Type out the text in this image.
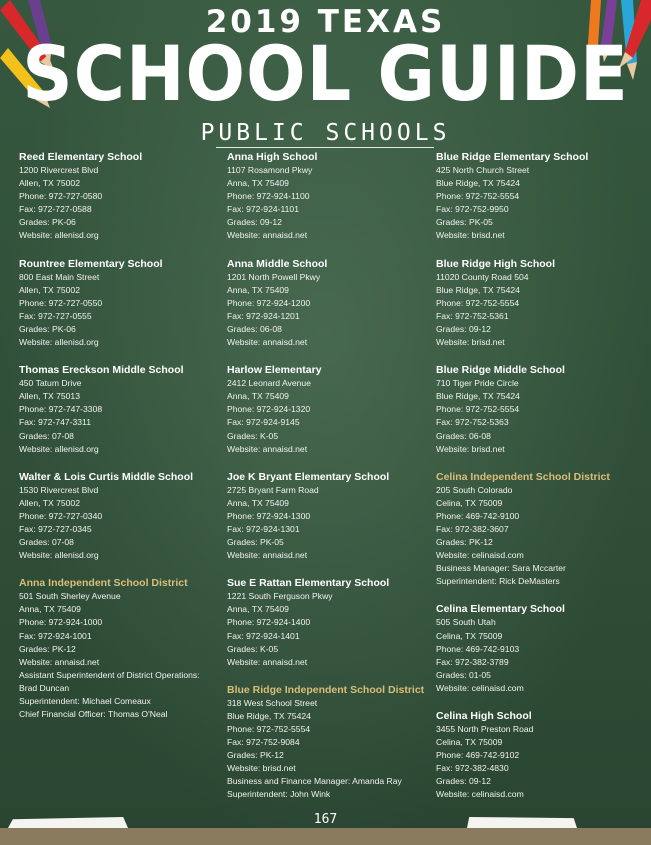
2019 TEXAS
SCHOOL GUIDE
PUBLIC SCHOOLS
Reed Elementary School
1200 Rivercrest Blvd
Allen, TX 75002
Phone: 972-727-0580
Fax: 972-727-0588
Grades: PK-06
Website: allenisd.org
Rountree Elementary School
800 East Main Street
Allen, TX 75002
Phone: 972-727-0550
Fax: 972-727-0555
Grades: PK-06
Website: allenisd.org
Thomas Ereckson Middle School
450 Tatum Drive
Allen, TX 75013
Phone: 972-747-3308
Fax: 972-747-3311
Grades: 07-08
Website: allenisd.org
Walter & Lois Curtis Middle School
1530 Rivercrest Blvd
Allen, TX 75002
Phone: 972-727-0340
Fax: 972-727-0345
Grades: 07-08
Website: allenisd.org
Anna Independent School District
501 South Sherley Avenue
Anna, TX 75409
Phone: 972-924-1000
Fax: 972-924-1001
Grades: PK-12
Website: annaisd.net
Assistant Superintendent of District Operations:
Brad Duncan
Superintendent: Michael Comeaux
Chief Financial Officer: Thomas O'Neal
Anna High School
1107 Rosamond Pkwy
Anna, TX 75409
Phone: 972-924-1100
Fax: 972-924-1101
Grades: 09-12
Website: annaisd.net
Anna Middle School
1201 North Powell Pkwy
Anna, TX 75409
Phone: 972-924-1200
Fax: 972-924-1201
Grades: 06-08
Website: annaisd.net
Harlow Elementary
2412 Leonard Avenue
Anna, TX 75409
Phone: 972-924-1320
Fax: 972-924-9145
Grades: K-05
Website: annaisd.net
Joe K Bryant Elementary School
2725 Bryant Farm Road
Anna, TX 75409
Phone: 972-924-1300
Fax: 972-924-1301
Grades: PK-05
Website: annaisd.net
Sue E Rattan Elementary School
1221 South Ferguson Pkwy
Anna, TX 75409
Phone: 972-924-1400
Fax: 972-924-1401
Grades: K-05
Website: annaisd.net
Blue Ridge Independent School District
318 West School Street
Blue Ridge, TX 75424
Phone: 972-752-5554
Fax: 972-752-9084
Grades: PK-12
Website: brisd.net
Business and Finance Manager: Amanda Ray
Superintendent: John Wink
Blue Ridge Elementary School
425 North Church Street
Blue Ridge, TX 75424
Phone: 972-752-5554
Fax: 972-752-9950
Grades: PK-05
Website: brisd.net
Blue Ridge High School
11020 County Road 504
Blue Ridge, TX 75424
Phone: 972-752-5554
Fax: 972-752-5361
Grades: 09-12
Website: brisd.net
Blue Ridge Middle School
710 Tiger Pride Circle
Blue Ridge, TX 75424
Phone: 972-752-5554
Fax: 972-752-5363
Grades: 06-08
Website: brisd.net
Celina Independent School District
205 South Colorado
Celina, TX 75009
Phone: 469-742-9100
Fax: 972-382-3607
Grades: PK-12
Website: celinaisd.com
Business Manager: Sara Mccarter
Superintendent: Rick DeMasters
Celina Elementary School
505 South Utah
Celina, TX 75009
Phone: 469-742-9103
Fax: 972-382-3789
Grades: 01-05
Website: celinaisd.com
Celina High School
3455 North Preston Road
Celina, TX 75009
Phone: 469-742-9102
Fax: 972-382-4830
Grades: 09-12
Website: celinaisd.com
167
